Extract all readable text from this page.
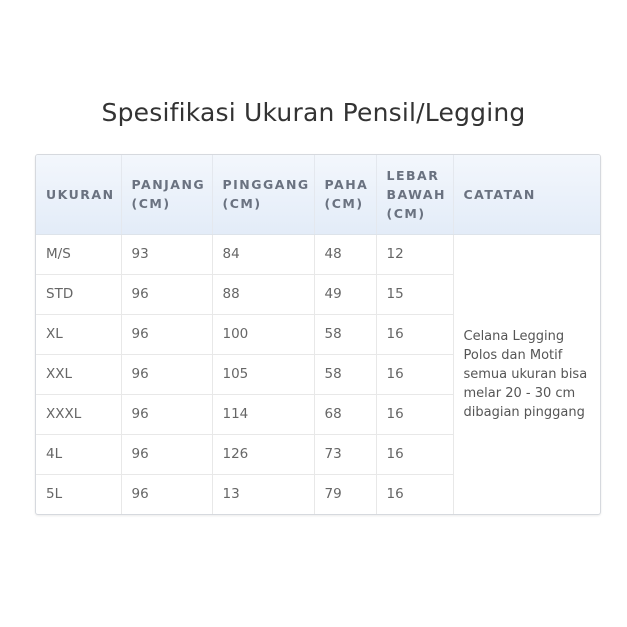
Spesifikasi Ukuran Pensil/Legging
UKURAN	PANJANG (CM)	PINGGANG (CM)	PAHA (CM)	LEBAR BAWAH (CM)	CATATAN
M/S	93	84	48	12	Celana Legging Polos dan Motif semua ukuran bisa melar 20 - 30 cm dibagian pinggang
STD	96	88	49	15	
XL	96	100	58	16	
XXL	96	105	58	16	
XXXL	96	114	68	16	
4L	96	126	73	16	
5L	96	13	79	16	
